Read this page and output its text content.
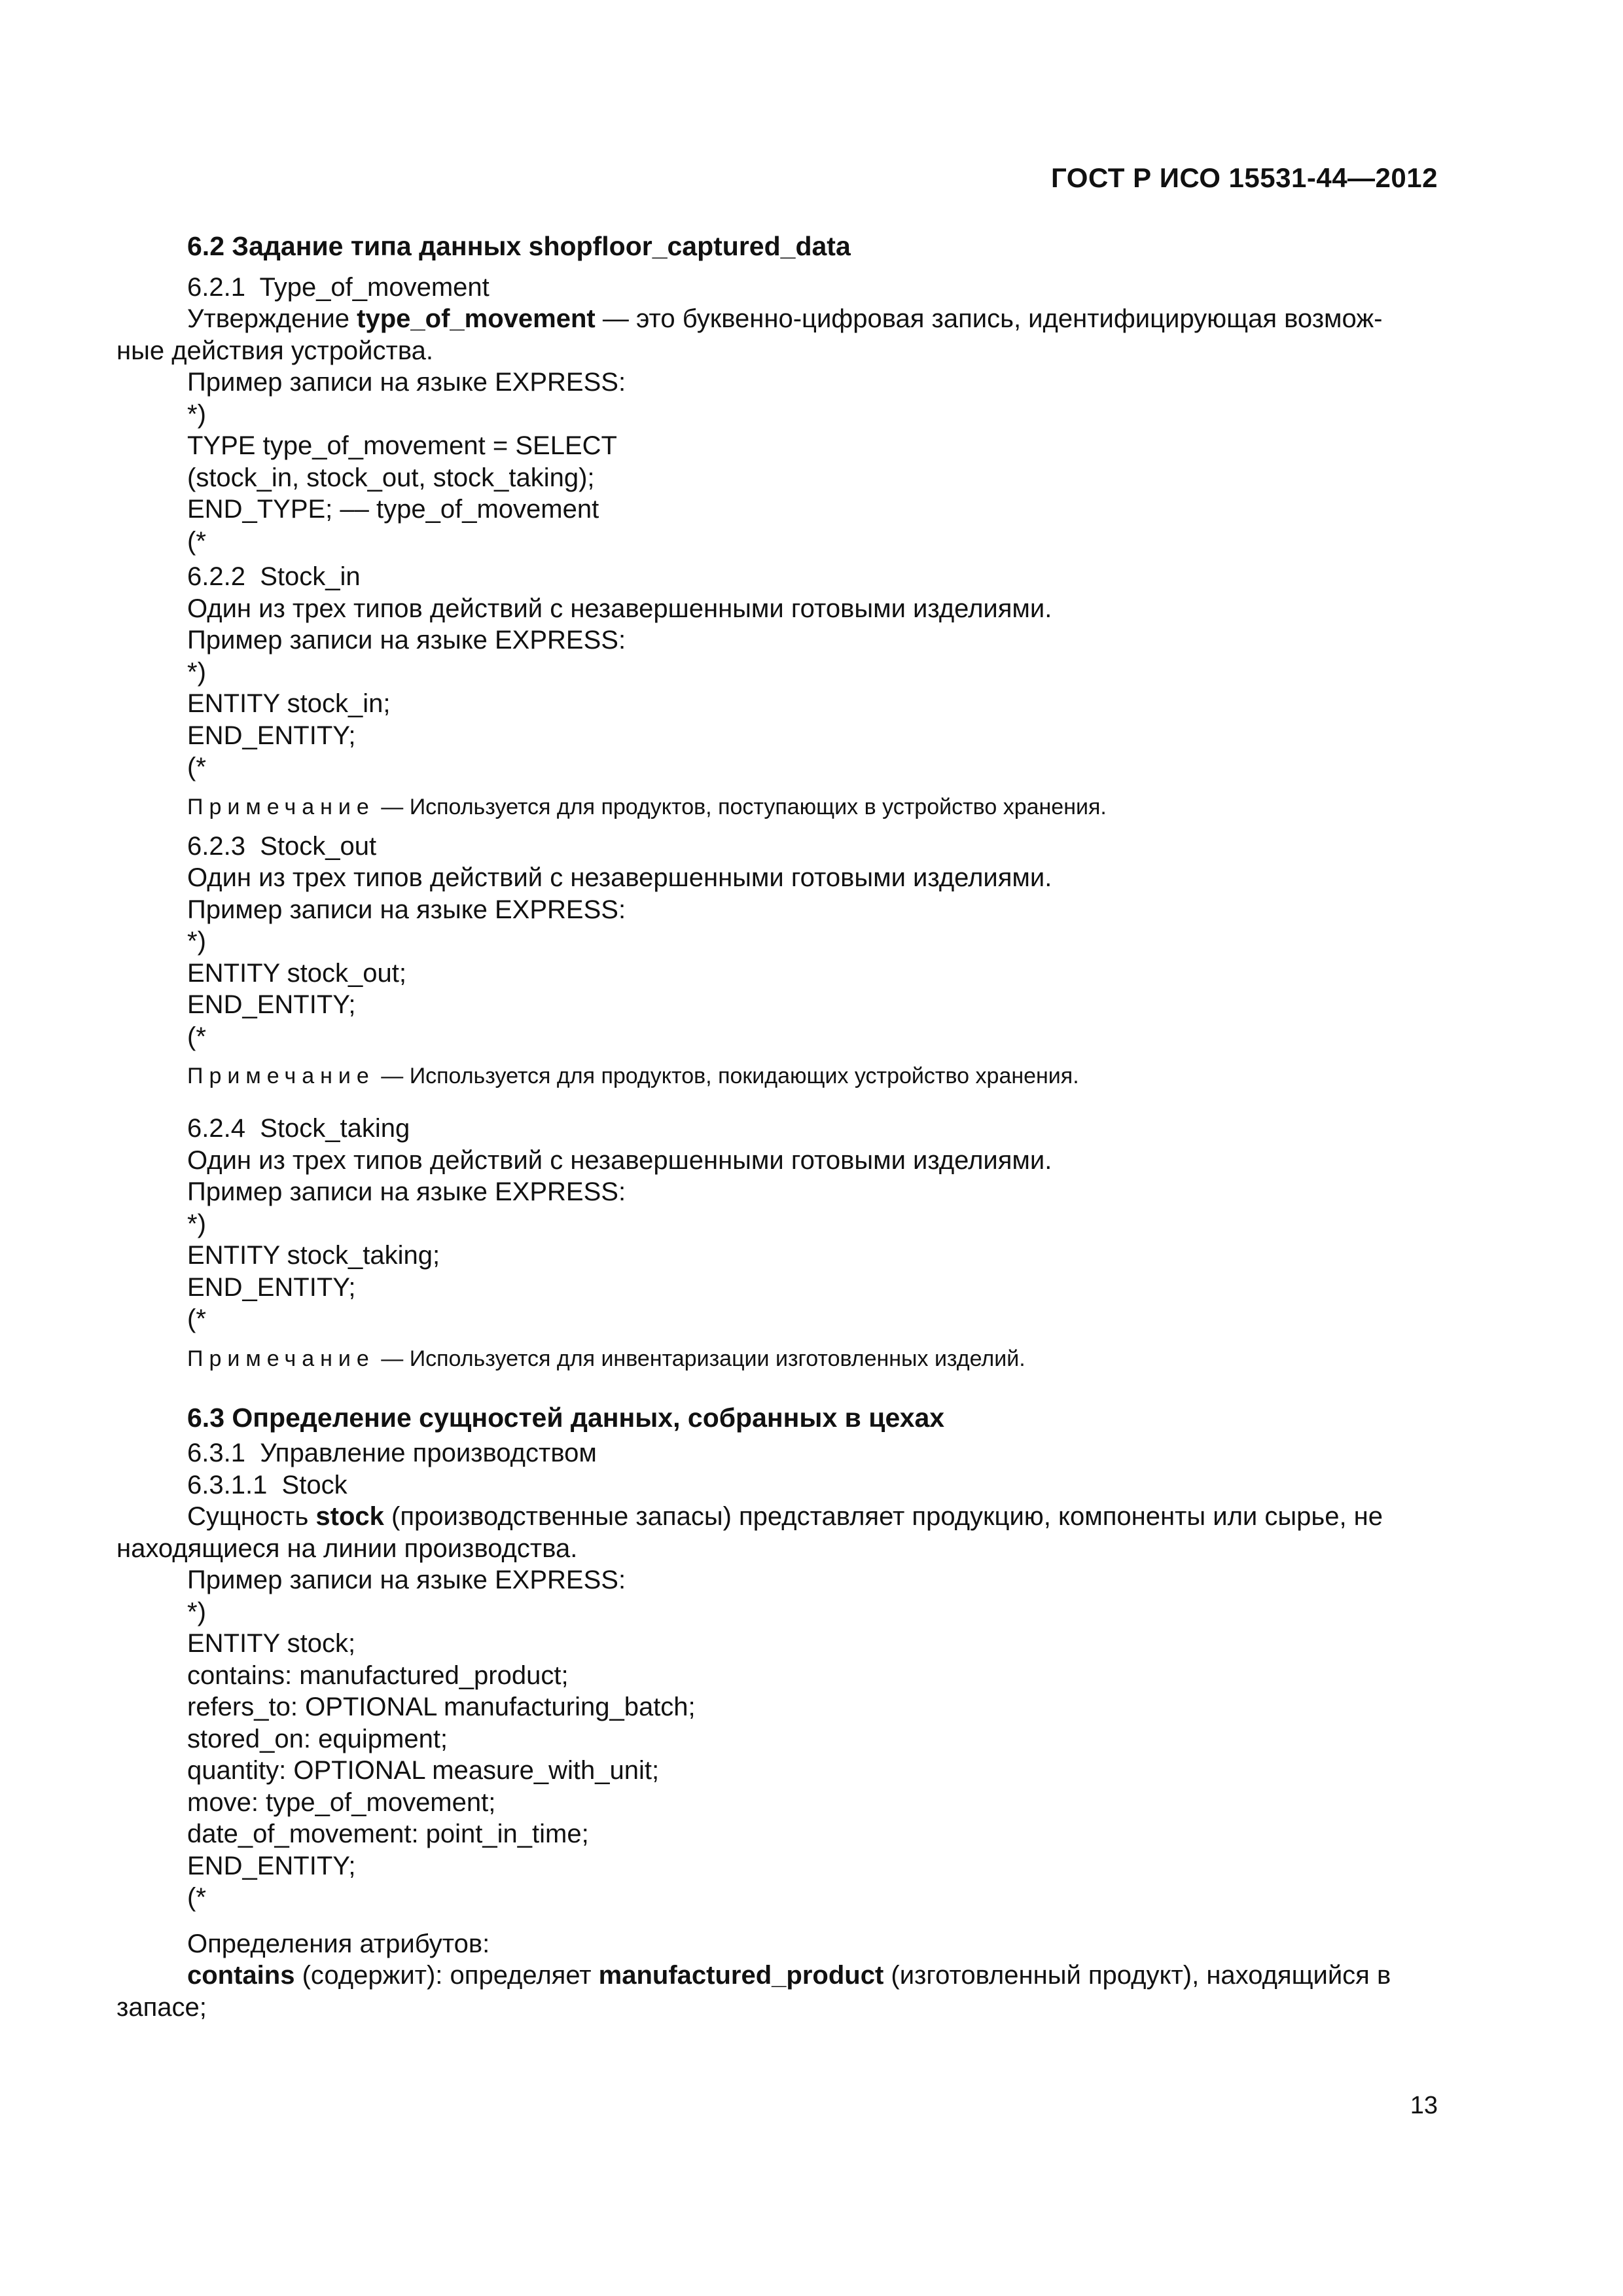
ГОСТ Р ИСО 15531-44—2012
6.2 Задание типа данных shopfloor_captured_data
6.2.1  Type_of_movement
Утверждение type_of_movement — это буквенно-цифровая запись, идентифицирующая возмож-
ные действия устройства.
Пример записи на языке EXPRESS:
*)
TYPE type_of_movement = SELECT
(stock_in, stock_out, stock_taking);
END_TYPE; –– type_of_movement
(*
6.2.2  Stock_in
Один из трех типов действий с незавершенными готовыми изделиями.
Пример записи на языке EXPRESS:
*)
ENTITY stock_in;
END_ENTITY;
(*
Примечание — Используется для продуктов, поступающих в устройство хранения.
6.2.3  Stock_out
Один из трех типов действий с незавершенными готовыми изделиями.
Пример записи на языке EXPRESS:
*)
ENTITY stock_out;
END_ENTITY;
(*
Примечание — Используется для продуктов, покидающих устройство хранения.
6.2.4  Stock_taking
Один из трех типов действий с незавершенными готовыми изделиями.
Пример записи на языке EXPRESS:
*)
ENTITY stock_taking;
END_ENTITY;
(*
Примечание — Используется для инвентаризации изготовленных изделий.
6.3 Определение сущностей данных, собранных в цехах
6.3.1  Управление производством
6.3.1.1  Stock
Сущность stock (производственные запасы) представляет продукцию, компоненты или сырье, не
находящиеся на линии производства.
Пример записи на языке EXPRESS:
*)
ENTITY stock;
contains: manufactured_product;
refers_to: OPTIONAL manufacturing_batch;
stored_on: equipment;
quantity: OPTIONAL measure_with_unit;
move: type_of_movement;
date_of_movement: point_in_time;
END_ENTITY;
(*
Определения атрибутов:
contains (содержит): определяет manufactured_product (изготовленный продукт), находящийся в
запасе;
13
